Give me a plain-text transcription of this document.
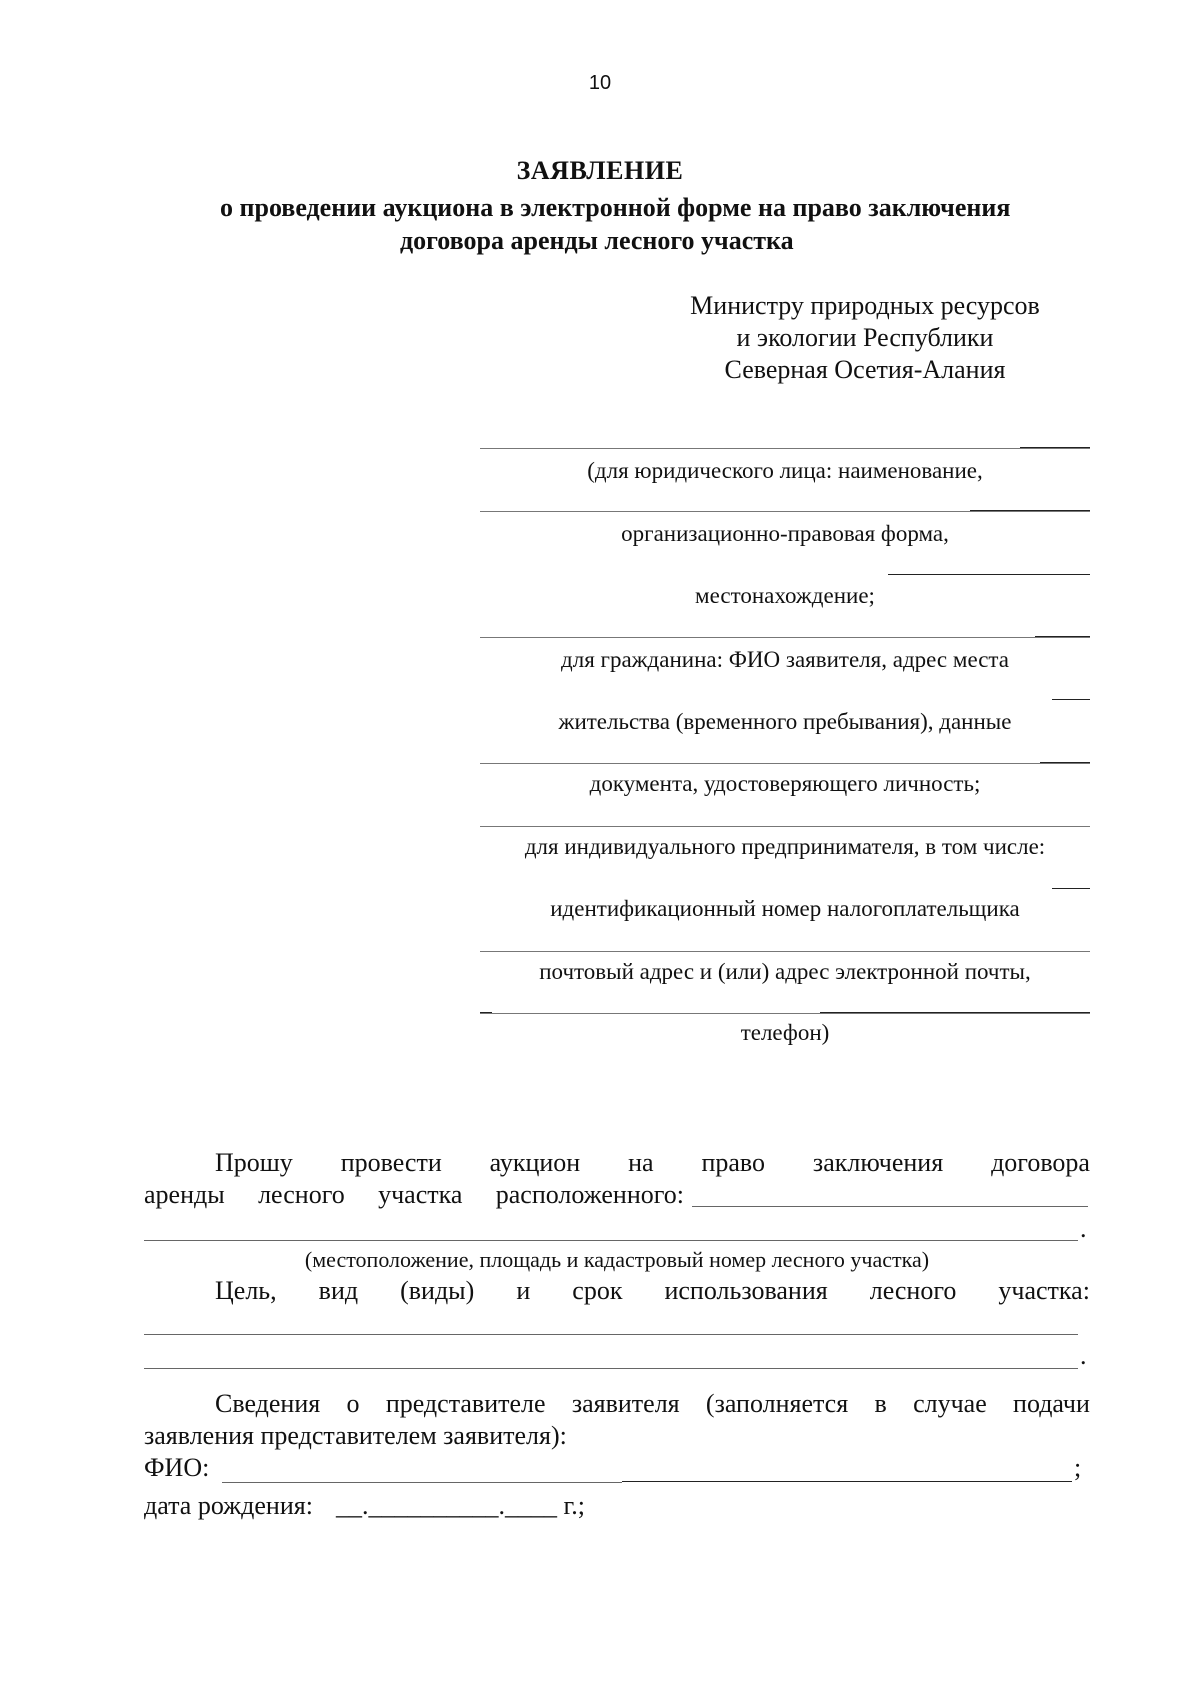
10
ЗАЯВЛЕНИЕ
о проведении аукциона в электронной форме на право заключения
договора аренды лесного участка
Министру природных ресурсов
и экологии Республики
Северная Осетия-Алания
(для юридического лица: наименование,
организационно-правовая форма,
местонахождение;
для гражданина: ФИО заявителя, адрес места
жительства (временного пребывания), данные
документа, удостоверяющего личность;
для индивидуального предпринимателя, в том числе:
идентификационный номер налогоплательщика
почтовый адрес и (или) адрес электронной почты,
телефон)
Прошу провести аукцион на право заключения договора
аренды лесного участка расположенного:
.
(местоположение, площадь и кадастровый номер лесного участка)
Цель, вид (виды) и срок использования лесного участка:
.
Сведения о представителе заявителя (заполняется в случае подачи
заявления представителем заявителя):
ФИО:	;
дата рождения: __.__________.____ г.;
